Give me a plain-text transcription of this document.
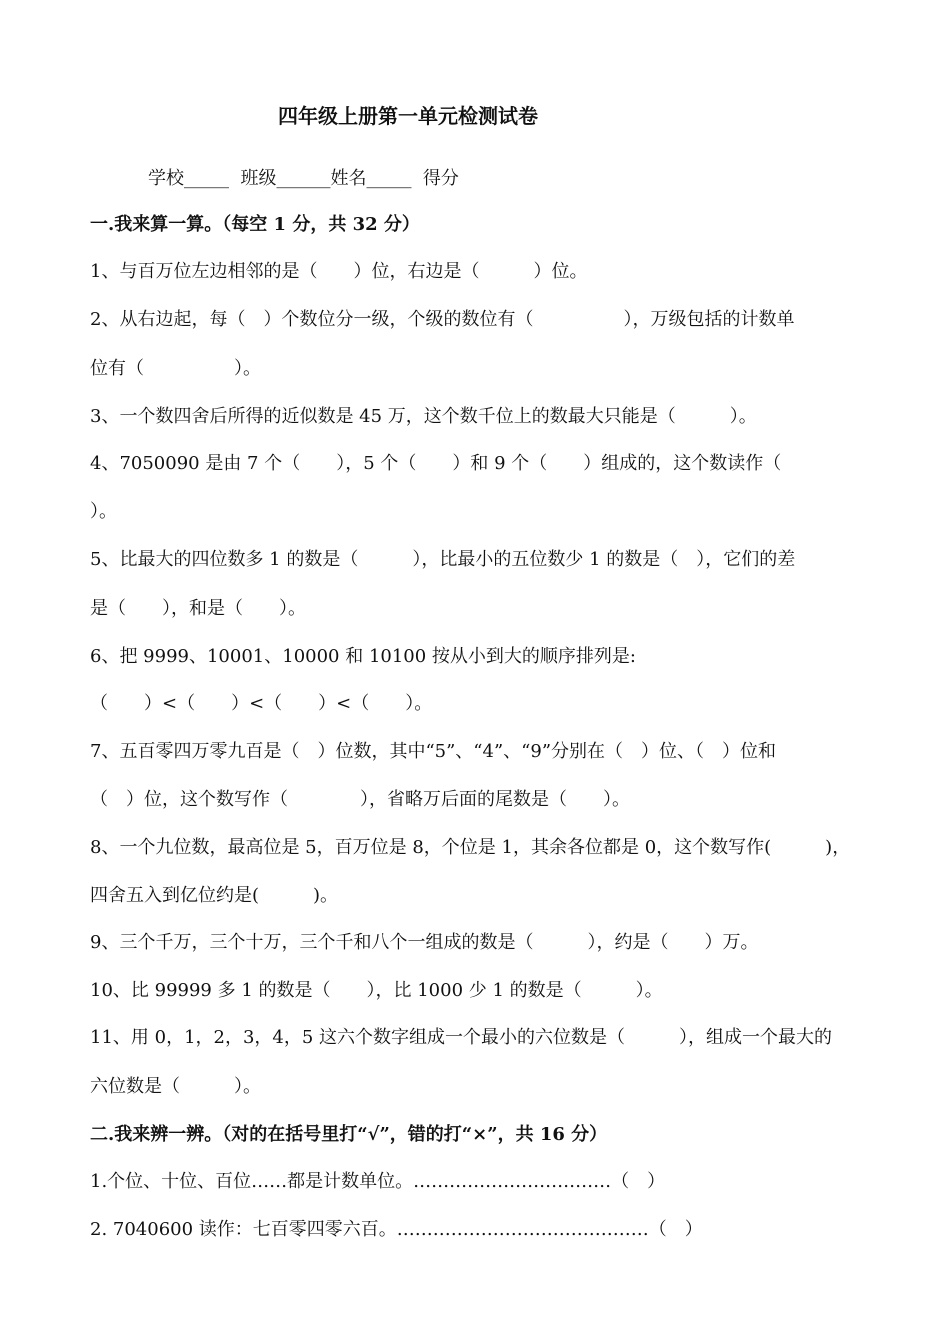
四年级上册第一单元检测试卷
学校_____  班级______姓名_____  得分
一.我来算一算。（每空 1 分，共 32 分）
1、与百万位左边相邻的是（　　）位，右边是（　　　）位。
2、从右边起，每（　）个数位分一级，个级的数位有（　　　　　），万级包括的计数单
位有（　　　　　）。
3、一个数四舍后所得的近似数是 45 万，这个数千位上的数最大只能是（　　　）。
4、7050090 是由 7 个（　　），5 个（　　）和 9 个（　　）组成的，这个数读作（
）。
5、比最大的四位数多 1 的数是（　　　），比最小的五位数少 1 的数是（　），它们的差
是（　　），和是（　　）。
6、把 9999、10001、10000 和 10100 按从小到大的顺序排列是:
（　　）<（　　）<（　　）<（　　）。
7、五百零四万零九百是（　）位数，其中“5”、“4”、“9”分别在（　）位、（　）位和
（　）位，这个数写作（　　　　），省略万后面的尾数是（　　）。
8、一个九位数，最高位是 5，百万位是 8，个位是 1，其余各位都是 0，这个数写作(　　　)，
四舍五入到亿位约是(　　　)。
9、三个千万，三个十万，三个千和八个一组成的数是（　　　），约是（　　）万。
10、比 99999 多 1 的数是（　　），比 1000 少 1 的数是（　　　）。
11、用 0，1，2，3，4，5 这六个数字组成一个最小的六位数是（　　　），组成一个最大的
六位数是（　　　）。
二.我来辨一辨。（对的在括号里打“√”，错的打“×”，共 16 分）
1.个位、十位、百位……都是计数单位。……………………………（　）
2. 7040600 读作：七百零四零六百。……………………………………（　）
